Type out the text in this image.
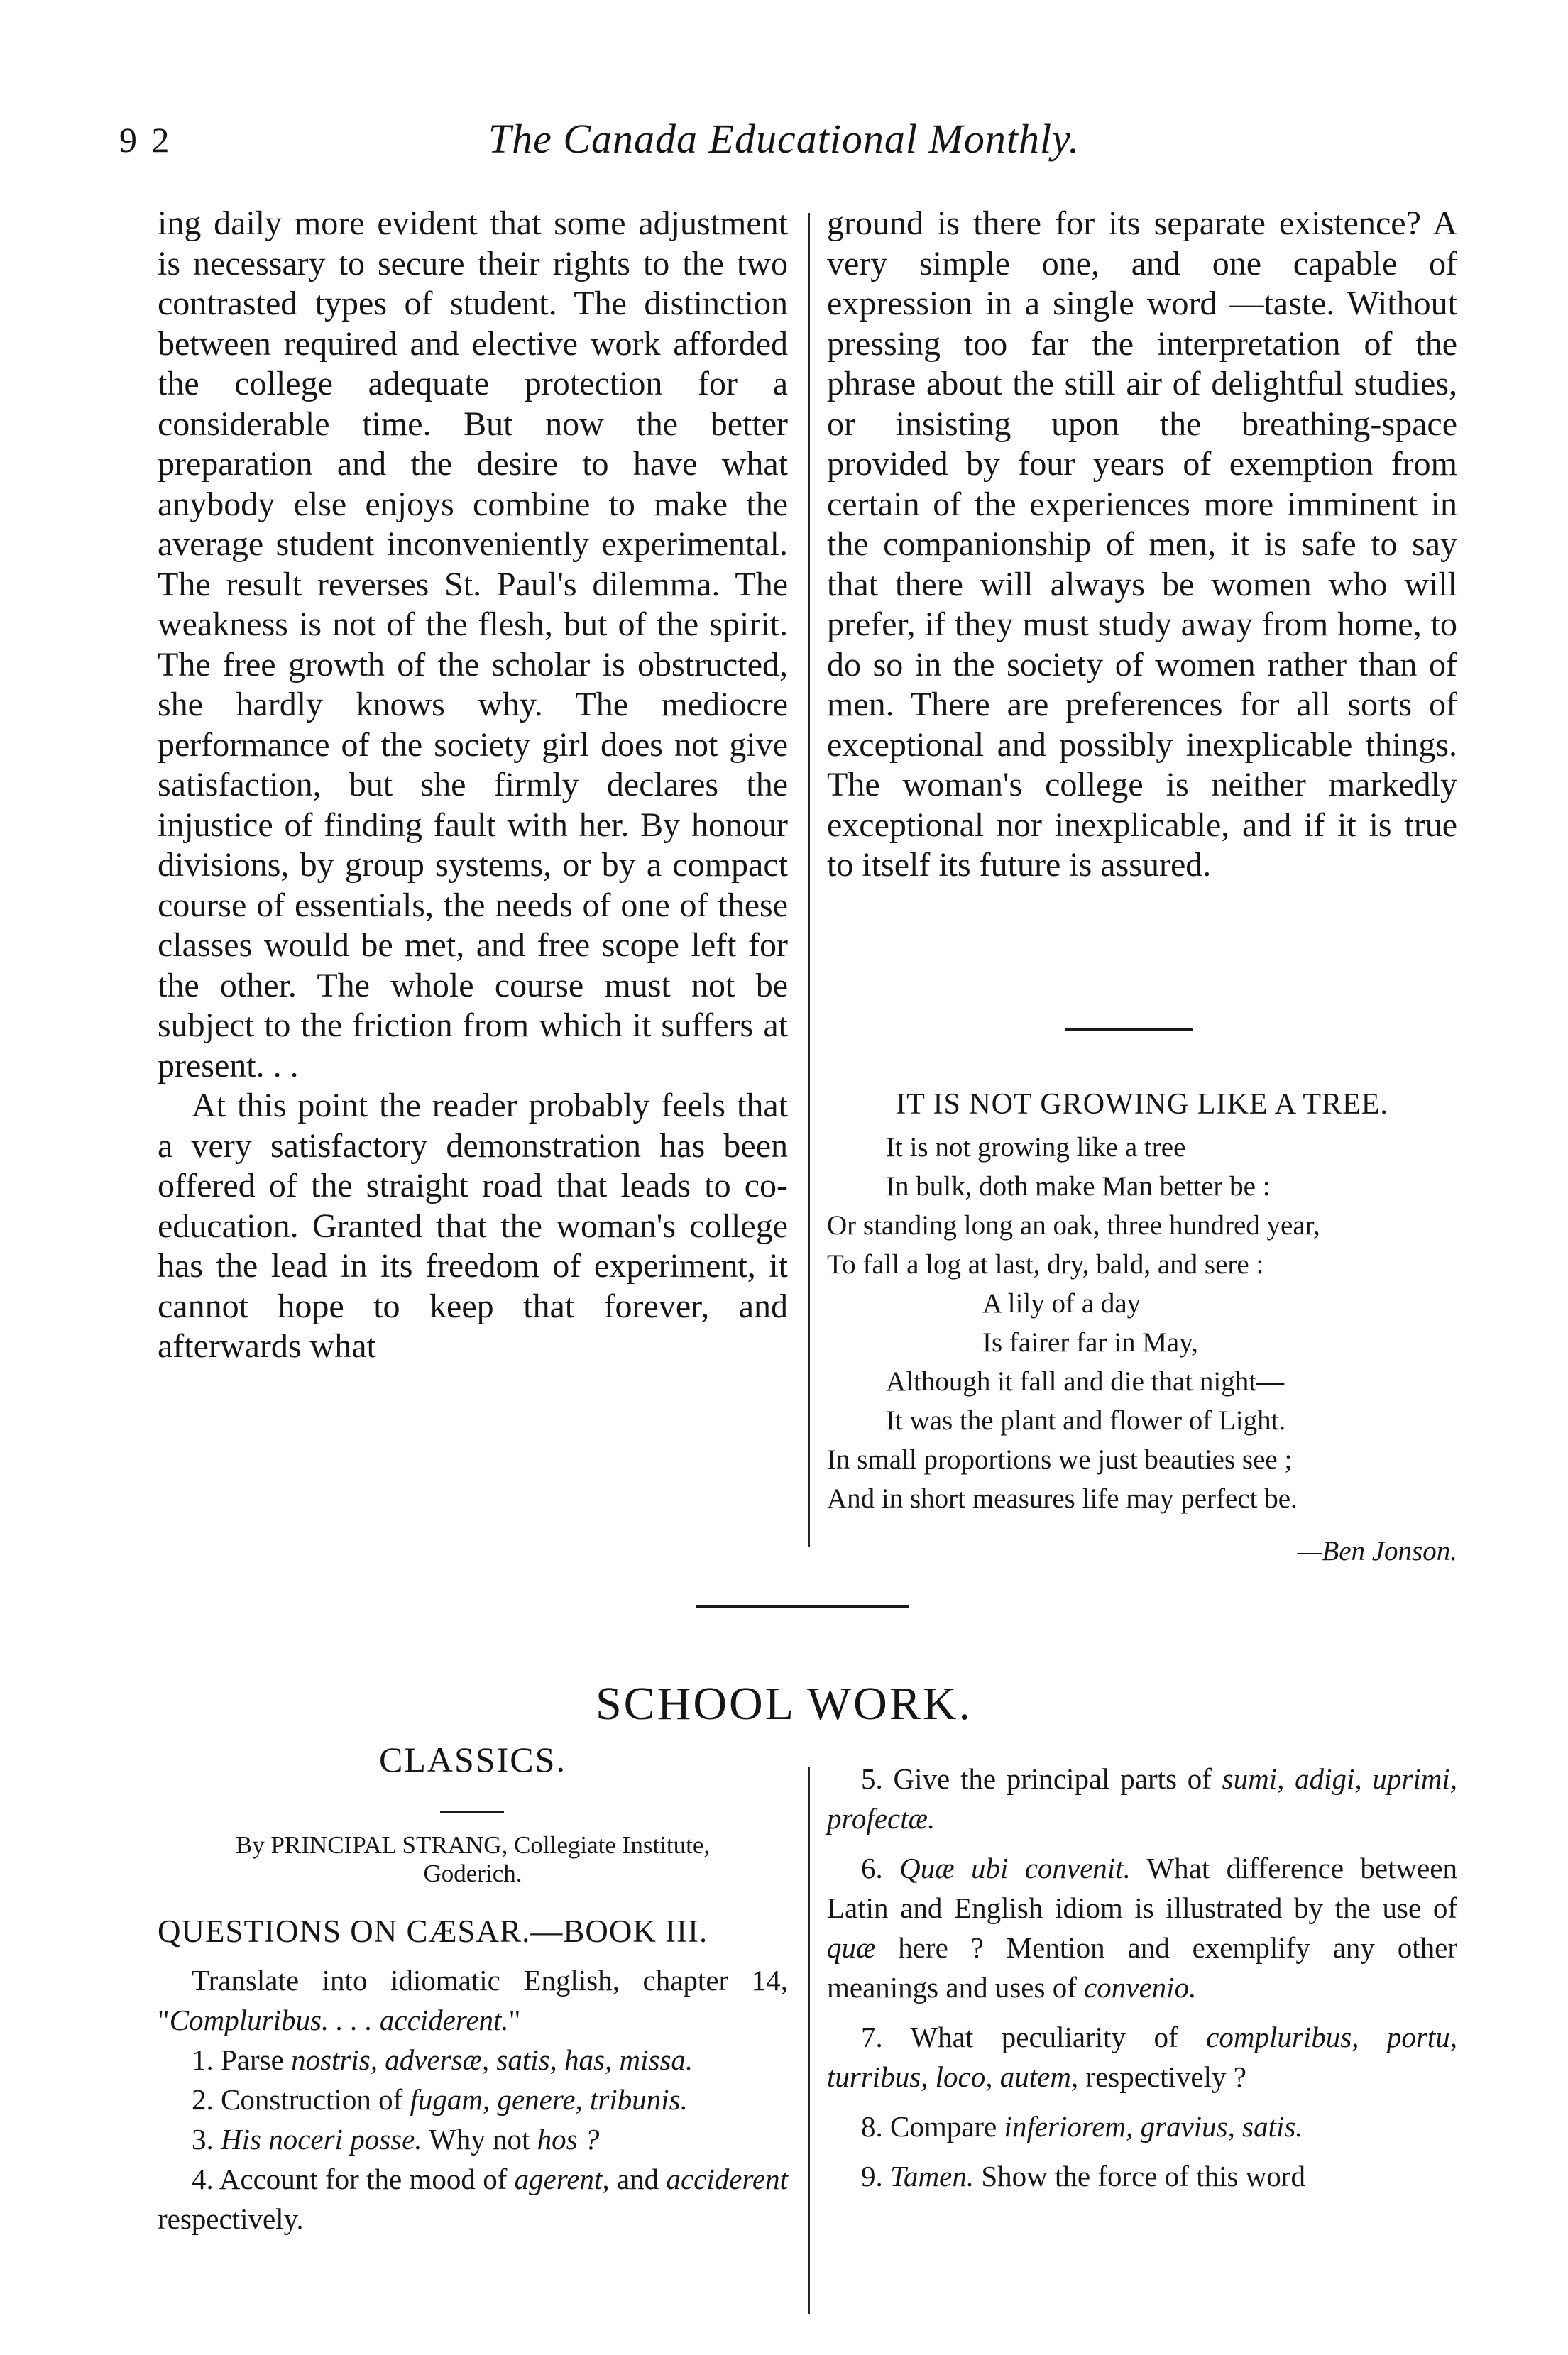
9 2	The Canada Educational Monthly.

ing daily more evident that some adjustment is necessary to secure their rights to the two contrasted types of student. The distinction between required and elective work afforded the college adequate protection for a considerable time. But now the better preparation and the desire to have what anybody else enjoys combine to make the average student inconveniently experimental. The result reverses St. Paul's dilemma. The weakness is not of the flesh, but of the spirit. The free growth of the scholar is obstructed, she hardly knows why. The mediocre performance of the society girl does not give satisfaction, but she firmly declares the injustice of finding fault with her. By honour divisions, by group systems, or by a compact course of essentials, the needs of one of these classes would be met, and free scope left for the other. The whole course must not be subject to the friction from which it suffers at present. . .

At this point the reader probably feels that a very satisfactory demonstration has been offered of the straight road that leads to co-education. Granted that the woman's college has the lead in its freedom of experiment, it cannot hope to keep that forever, and afterwards what

ground is there for its separate existence? A very simple one, and one capable of expression in a single word —taste. Without pressing too far the interpretation of the phrase about the still air of delightful studies, or insisting upon the breathing-space provided by four years of exemption from certain of the experiences more imminent in the companionship of men, it is safe to say that there will always be women who will prefer, if they must study away from home, to do so in the society of women rather than of men. There are preferences for all sorts of exceptional and possibly inexplicable things. The woman's college is neither markedly exceptional nor inexplicable, and if it is true to itself its future is assured.

IT IS NOT GROWING LIKE A TREE.
It is not growing like a tree
In bulk, doth make Man better be :
Or standing long an oak, three hundred year,
To fall a log at last, dry, bald, and sere :
A lily of a day
Is fairer far in May,
Although it fall and die that night—
It was the plant and flower of Light.
In small proportions we just beauties see ;
And in short measures life may perfect be.
—Ben Jonson.
SCHOOL WORK.
CLASSICS.
By PRINCIPAL STRANG, Collegiate Institute,
Goderich.
QUESTIONS ON CÆSAR.—BOOK III.

Translate into idiomatic English, chapter 14, "Compluribus. . . . acciderent."

1. Parse nostris, adversæ, satis, has, missa.

2. Construction of fugam, genere, tribunis.

3. His noceri posse. Why not hos ?

4. Account for the mood of agerent, and acciderent respectively.

5. Give the principal parts of sumi, adigi, uprimi, profectæ.

6. Quæ ubi convenit. What difference between Latin and English idiom is illustrated by the use of quæ here ? Mention and exemplify any other meanings and uses of convenio.

7. What peculiarity of compluribus, portu, turribus, loco, autem, respectively ?

8. Compare inferiorem, gravius, satis.

9. Tamen. Show the force of this word
